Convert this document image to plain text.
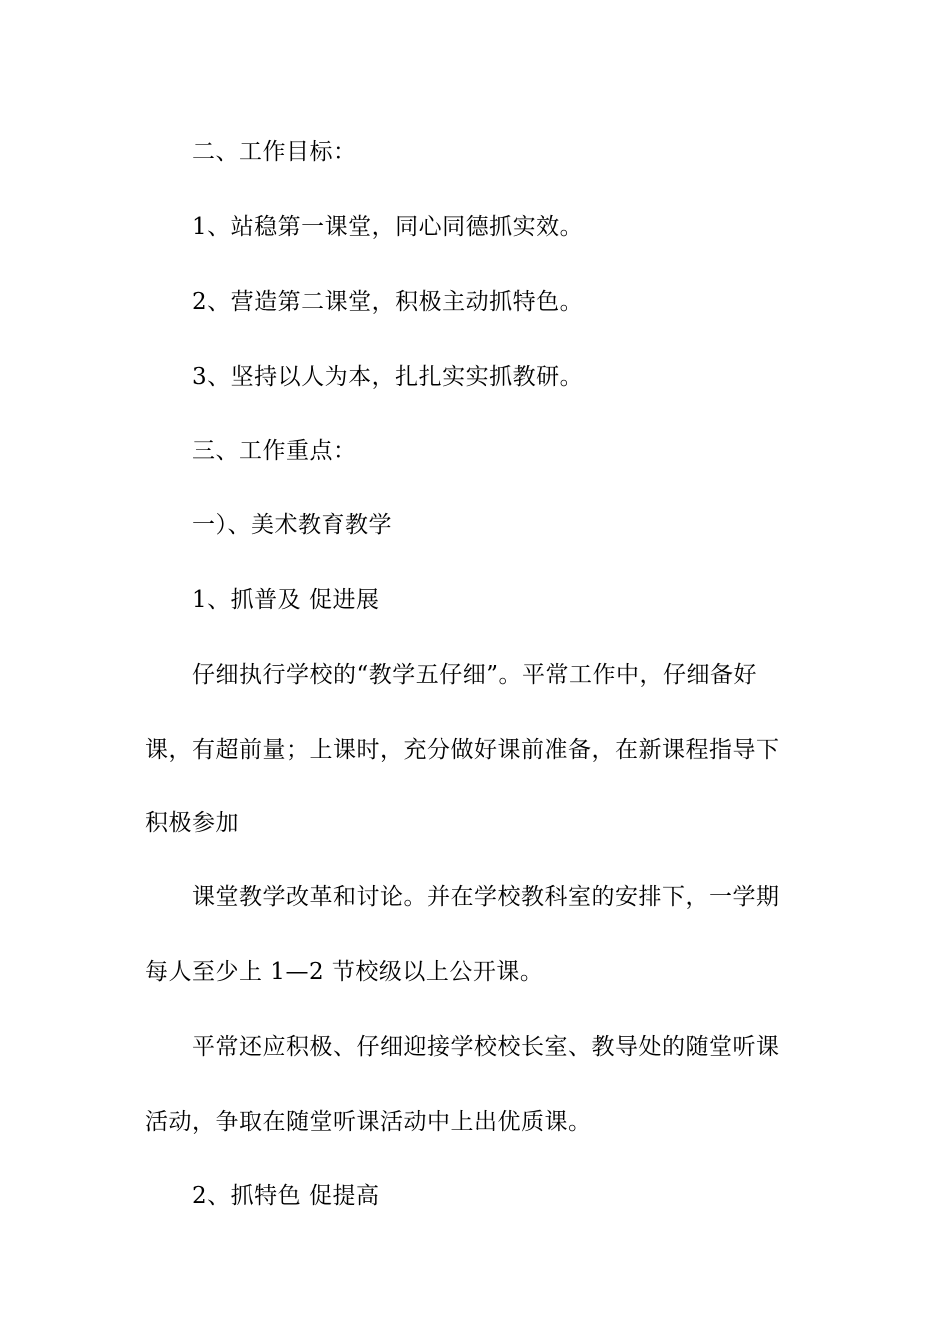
二、工作目标：
1、站稳第一课堂，同心同德抓实效。
2、营造第二课堂，积极主动抓特色。
3、坚持以人为本，扎扎实实抓教研。
三、工作重点：
一）、美术教育教学
1、抓普及 促进展
仔细执行学校的“教学五仔细”。平常工作中，仔细备好
课，有超前量；上课时，充分做好课前准备，在新课程指导下
积极参加
课堂教学改革和讨论。并在学校教科室的安排下，一学期
每人至少上 1—2 节校级以上公开课。
平常还应积极、仔细迎接学校校长室、教导处的随堂听课
活动，争取在随堂听课活动中上出优质课。
2、抓特色 促提高
